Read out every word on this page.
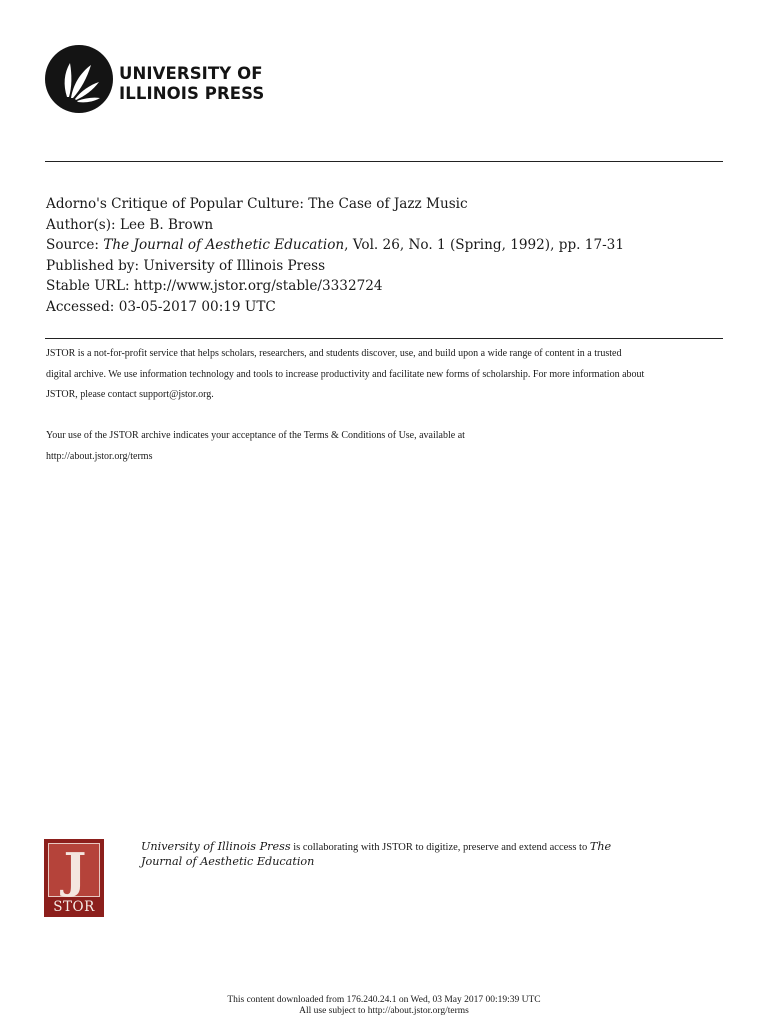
UNIVERSITY OF
ILLINOIS PRESS
Adorno's Critique of Popular Culture: The Case of Jazz Music
Author(s): Lee B. Brown
Source: The Journal of Aesthetic Education, Vol. 26, No. 1 (Spring, 1992), pp. 17-31
Published by: University of Illinois Press
Stable URL: http://www.jstor.org/stable/3332724
Accessed: 03-05-2017 00:19 UTC
JSTOR is a not-for-profit service that helps scholars, researchers, and students discover, use, and build upon a wide range of content in a trusted
digital archive. We use information technology and tools to increase productivity and facilitate new forms of scholarship. For more information about
JSTOR, please contact support@jstor.org.
Your use of the JSTOR archive indicates your acceptance of the Terms & Conditions of Use, available at
http://about.jstor.org/terms
J
STOR
University of Illinois Press is collaborating with JSTOR to digitize, preserve and extend access to The
Journal of Aesthetic Education
This content downloaded from 176.240.24.1 on Wed, 03 May 2017 00:19:39 UTC
All use subject to http://about.jstor.org/terms
